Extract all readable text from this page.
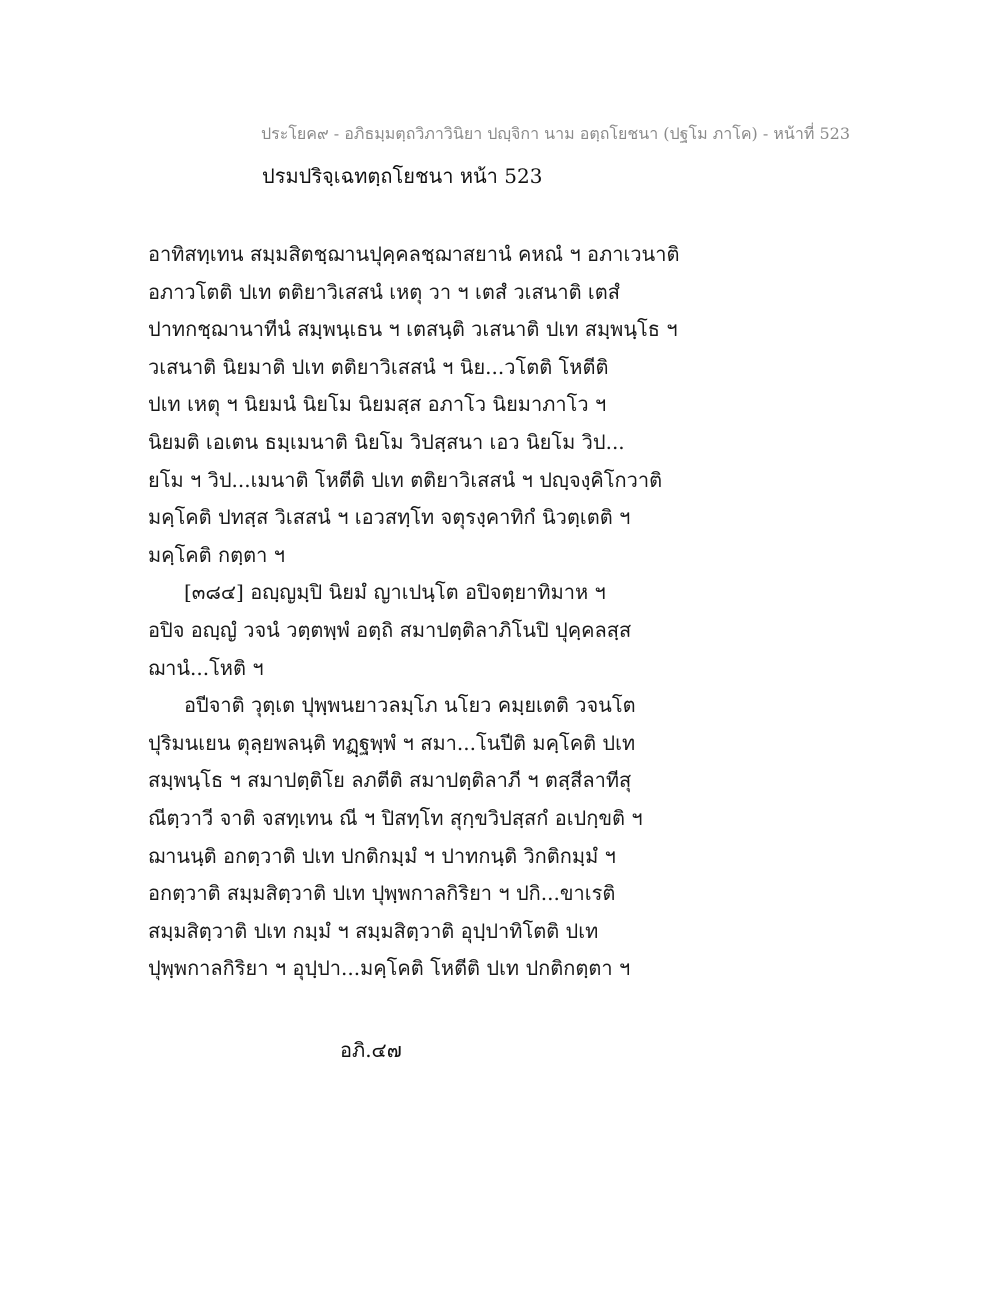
ประโยค๙ - อภิธมฺมตฺถวิภาวินิยา ปญฺจิกา นาม อตฺถโยชนา (ปฐโม ภาโค) - หน้าที่ 523
ปรมปริจฺเฉทตฺถโยชนา หน้า 523
อาทิสทฺเทน สมฺมสิตชฺฌานปุคฺคลชฺฌาสยานํ คหณํ ฯ อภาเวนาติ
อภาวโตติ ปเท ตติยาวิเสสนํ เหตุ วา ฯ เตสํ วเสนาติ เตสํ
ปาทกชฺฌานาทีนํ สมฺพนฺเธน ฯ เตสนฺติ วเสนาติ ปเท สมฺพนฺโธ ฯ
วเสนาติ นิยมาติ ปเท ตติยาวิเสสนํ ฯ นิย...วโตติ โหตีติ
ปเท เหตุ ฯ นิยมนํ นิยโม นิยมสฺส อภาโว นิยมาภาโว ฯ
นิยมติ เอเตน ธมฺเมนาติ นิยโม วิปสฺสนา เอว นิยโม วิป...
ยโม ฯ วิป...เมนาติ โหตีติ ปเท ตติยาวิเสสนํ ฯ ปญฺจงฺคิโกวาติ
มคฺโคติ ปทสฺส วิเสสนํ ฯ เอวสทฺโท จตุรงฺคาทิกํ นิวตฺเตติ ฯ
มคฺโคติ กตฺตา ฯ
[๓๘๔] อญฺญมฺปิ นิยมํ ญาเปนฺโต อปิจตฺยาทิมาห ฯ
อปิจ อญฺญํ วจนํ วตฺตพฺพํ อตฺถิ สมาปตฺติลาภิโนปิ ปุคฺคลสฺส
ฌานํ...โหติ ฯ
อปีจาติ วุตฺเต ปุพฺพนยาวลมฺโภ นโยว คมฺยเตติ วจนโต
ปุริมนเยน ตุลฺยพลนฺติ ทฏฺฐพฺพํ ฯ สมา...โนปีติ มคฺโคติ ปเท
สมฺพนฺโธ ฯ สมาปตฺติโย ลภตีติ สมาปตฺติลาภี ฯ ตสฺสีลาทีสุ
ณีตฺวาวี จาติ จสทฺเทน ณี ฯ ปิสทฺโท สุกฺขวิปสฺสกํ อเปกฺขติ ฯ
ฌานนฺติ อกตฺวาติ ปเท ปกติกมฺมํ ฯ ปาทกนฺติ วิกติกมฺมํ ฯ
อกตฺวาติ สมฺมสิตฺวาติ ปเท ปุพฺพกาลกิริยา ฯ ปกิ...ขาเรติ
สมฺมสิตฺวาติ ปเท กมฺมํ ฯ สมฺมสิตฺวาติ อุปฺปาทิโตติ ปเท
ปุพฺพกาลกิริยา ฯ อุปฺปา...มคฺโคติ โหตีติ ปเท ปกติกตฺตา ฯ
อภิ.๔๗
